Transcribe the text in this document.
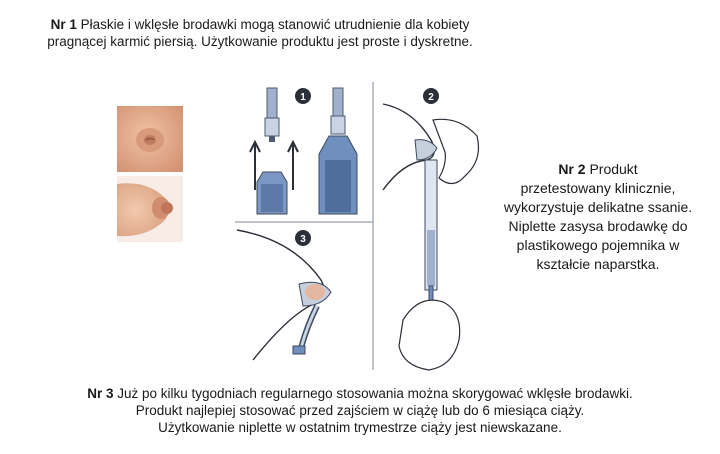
Nr 1 Płaskie i wklęsłe brodawki mogą stanowić utrudnienie dla kobiety
pragnącej karmić piersią. Użytkowanie produktu jest proste i dyskretne.
1	2
3
Nr 2 Produkt
przetestowany klinicznie,
wykorzystuje delikatne ssanie.
Niplette zasysa brodawkę do
plastikowego pojemnika w
kształcie naparstka.
Nr 3 Już po kilku tygodniach regularnego stosowania można skorygować wklęsłe brodawki.
Produkt najlepiej stosować przed zajściem w ciążę lub do 6 miesiąca ciąży.
Użytkowanie niplette w ostatnim trymestrze ciąży jest niewskazane.
